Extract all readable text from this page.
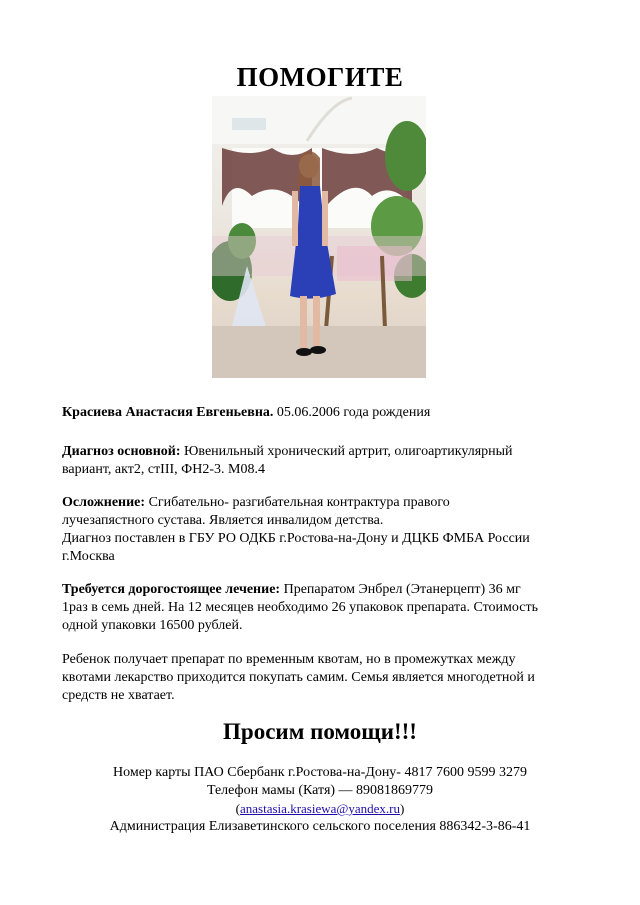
ПОМОГИТЕ
Красиева Анастасия Евгеньевна. 05.06.2006 года рождения
Диагноз основной: Ювенильный хронический артрит, олигоартикулярный
вариант, акт2, стIII, ФН2-3. М08.4
Осложнение: Сгибательно- разгибательная контрактура правого
лучезапястного сустава. Является инвалидом детства.
Диагноз поставлен в ГБУ РО ОДКБ г.Ростова-на-Дону и ДЦКБ ФМБА России
г.Москва
Требуется дорогостоящее лечение: Препаратом Энбрел (Этанерцепт) 36 мг
1раз в семь дней. На 12 месяцев необходимо 26 упаковок препарата. Стоимость
одной упаковки 16500 рублей.
Ребенок получает препарат по временным квотам, но в промежутках между
квотами лекарство приходится покупать самим. Семья является многодетной и
средств не хватает.
Просим помощи!!!
Номер карты ПАО Сбербанк г.Ростова-на-Дону- 4817 7600 9599 3279
Телефон мамы (Катя) — 89081869779
(anastasia.krasiewa@yandex.ru)
Администрация Елизаветинского сельского поселения 886342-3-86-41
